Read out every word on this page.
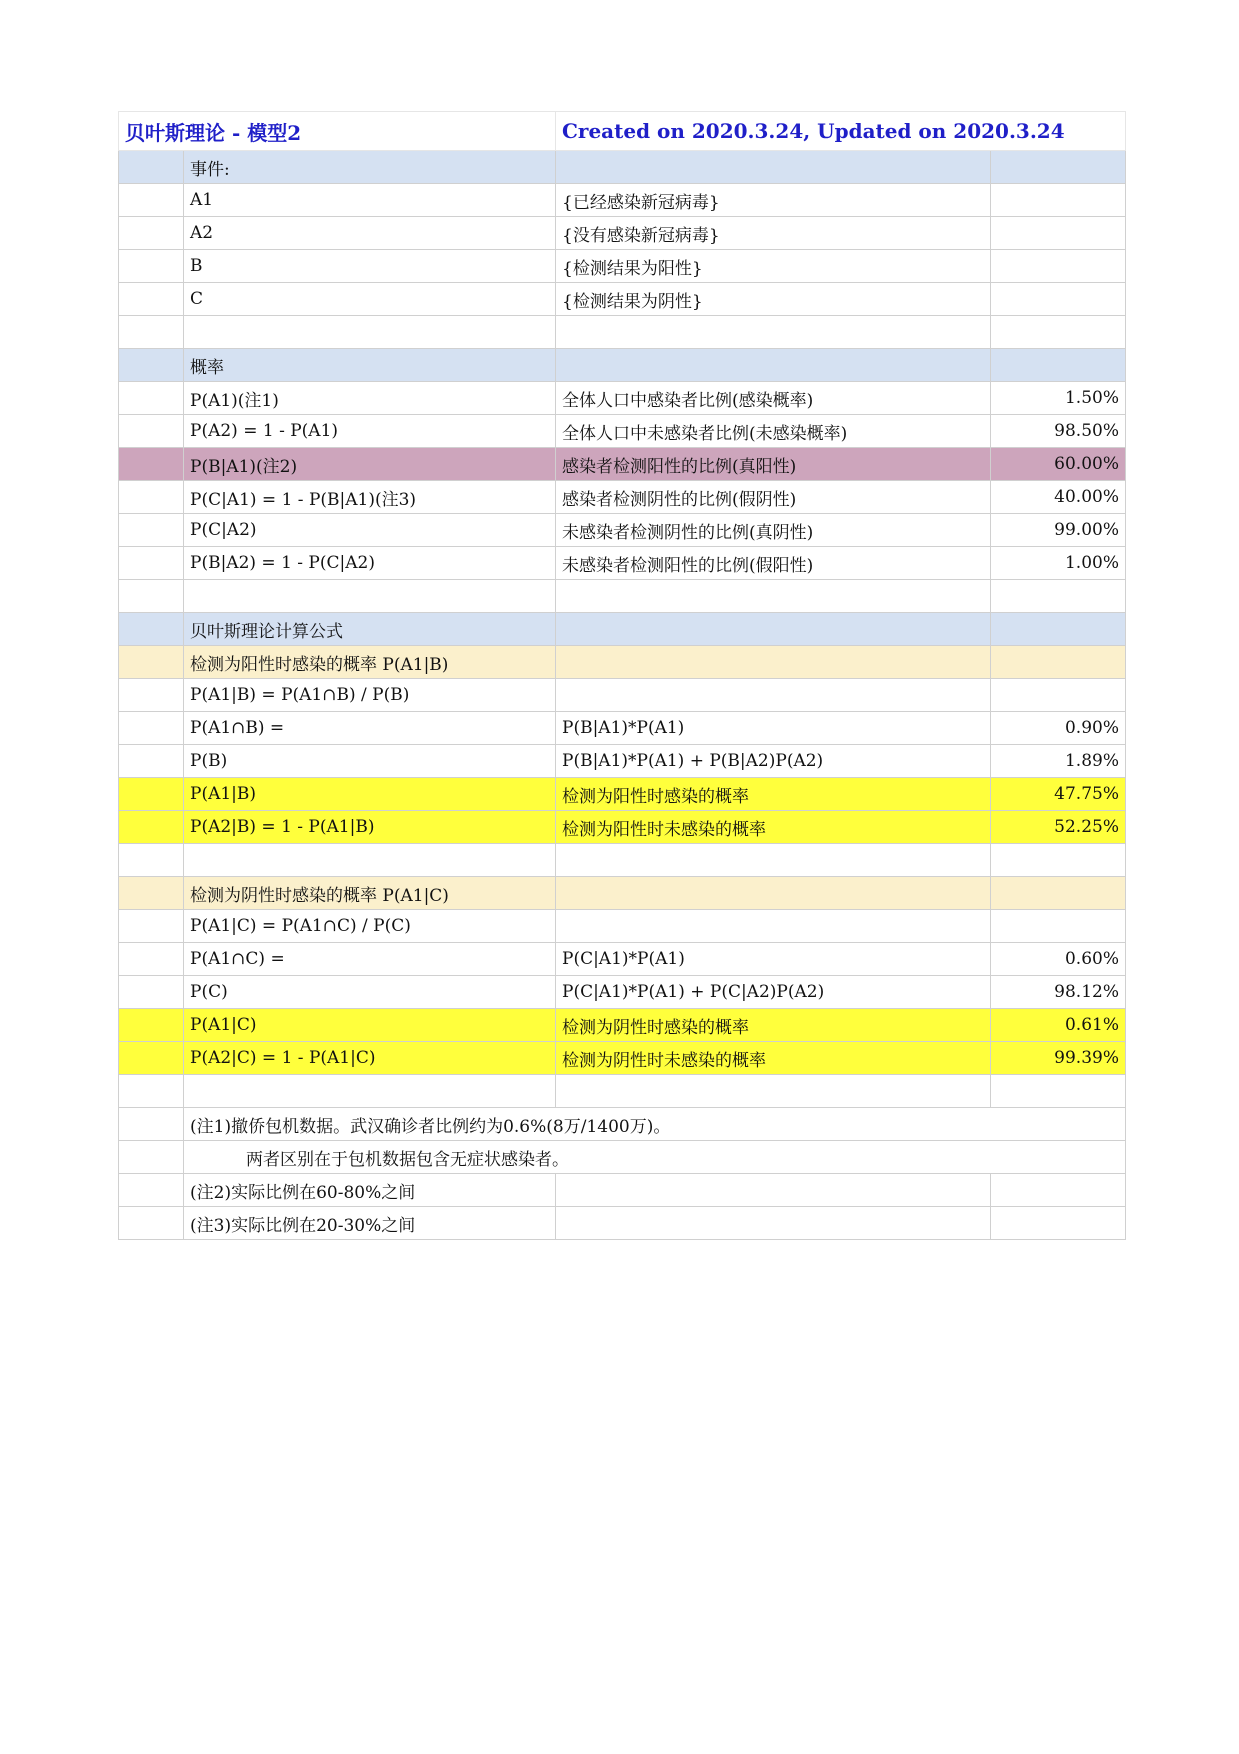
贝叶斯理论 - 模型2		Created on 2020.3.24, Updated on 2020.3.24	
	事件:		
	A1	{已经感染新冠病毒}	
	A2	{没有感染新冠病毒}	
	B	{检测结果为阳性}	
	C	{检测结果为阴性}	

	概率		
	P(A1)(注1)	全体人口中感染者比例(感染概率)	1.50%
	P(A2) = 1 - P(A1)	全体人口中未感染者比例(未感染概率)	98.50%
	P(B|A1)(注2)	感染者检测阳性的比例(真阳性)	60.00%
	P(C|A1) = 1 - P(B|A1)(注3)	感染者检测阴性的比例(假阴性)	40.00%
	P(C|A2)	未感染者检测阴性的比例(真阴性)	99.00%
	P(B|A2) = 1 - P(C|A2)	未感染者检测阳性的比例(假阳性)	1.00%

	贝叶斯理论计算公式		
	检测为阳性时感染的概率 P(A1|B)		
	P(A1|B) = P(A1∩B) / P(B)		
	P(A1∩B) =	P(B|A1)*P(A1)	0.90%
	P(B)	P(B|A1)*P(A1) + P(B|A2)P(A2)	1.89%
	P(A1|B)	检测为阳性时感染的概率	47.75%
	P(A2|B) = 1 - P(A1|B)	检测为阳性时未感染的概率	52.25%

	检测为阴性时感染的概率 P(A1|C)		
	P(A1|C) = P(A1∩C) / P(C)		
	P(A1∩C) =	P(C|A1)*P(A1)	0.60%
	P(C)	P(C|A1)*P(A1) + P(C|A2)P(A2)	98.12%
	P(A1|C)	检测为阴性时感染的概率	0.61%
	P(A2|C) = 1 - P(A1|C)	检测为阴性时未感染的概率	99.39%

	(注1)撤侨包机数据。武汉确诊者比例约为0.6%(8万/1400万)。		
	两者区别在于包机数据包含无症状感染者。		
	(注2)实际比例在60-80%之间		
	(注3)实际比例在20-30%之间		
